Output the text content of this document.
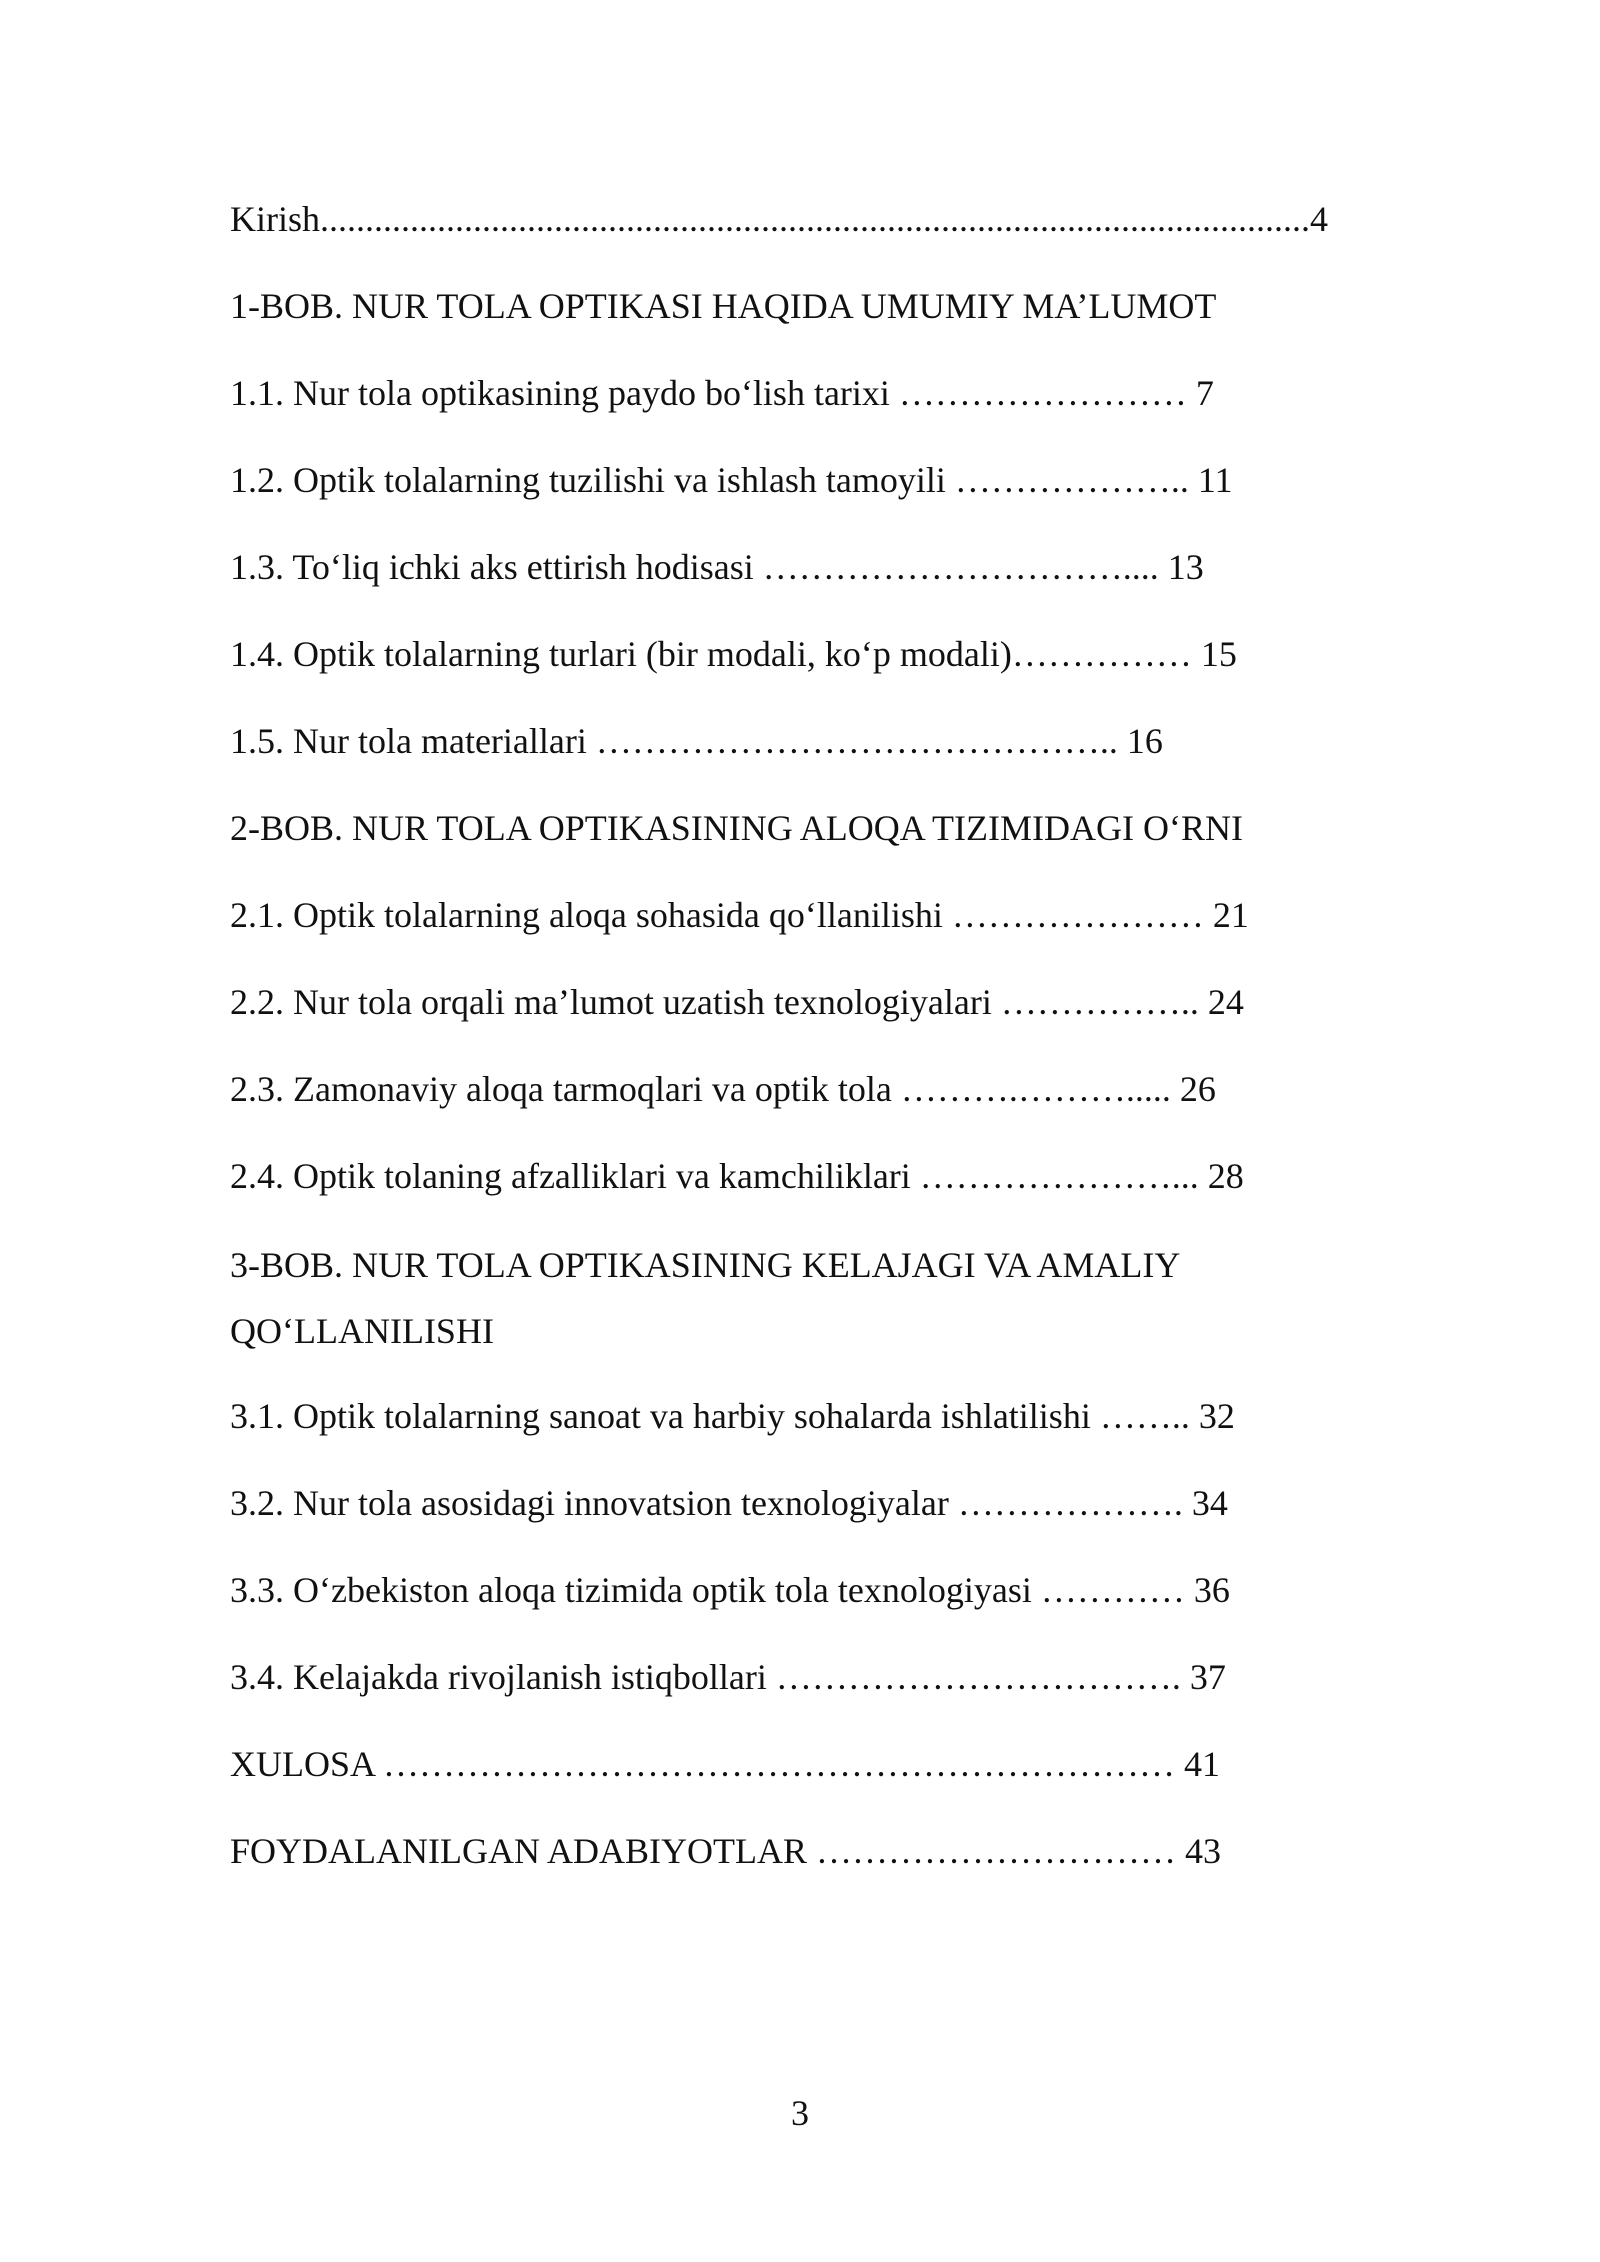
Kirish..............................................................................................................4
1-BOB. NUR TOLA OPTIKASI HAQIDA UMUMIY MA’LUMOT
1.1. Nur tola optikasining paydo bo‘lish tarixi …………………… 7
1.2. Optik tolalarning tuzilishi va ishlash tamoyili ……………….. 11
1.3. To‘liq ichki aks ettirish hodisasi ………………………….... 13
1.4. Optik tolalarning turlari (bir modali, ko‘p modali)…………… 15
1.5. Nur tola materiallari …………………………………….. 16
2-BOB. NUR TOLA OPTIKASINING ALOQA TIZIMIDAGI O‘RNI
2.1. Optik tolalarning aloqa sohasida qo‘llanilishi ………………… 21
2.2. Nur tola orqali ma’lumot uzatish texnologiyalari …………….. 24
2.3. Zamonaviy aloqa tarmoqlari va optik tola ……….………..... 26
2.4. Optik tolaning afzalliklari va kamchiliklari …………………... 28
3-BOB. NUR TOLA OPTIKASINING KELAJAGI VA AMALIY QO‘LLANILISHI
3.1. Optik tolalarning sanoat va harbiy sohalarda ishlatilishi …….. 32
3.2. Nur tola asosidagi innovatsion texnologiyalar ………………. 34
3.3. O‘zbekiston aloqa tizimida optik tola texnologiyasi ………… 36
3.4. Kelajakda rivojlanish istiqbollari ……………………………. 37
XULOSA ………………………………………………………… 41
FOYDALANILGAN ADABIYOTLAR ………………………… 43
3
